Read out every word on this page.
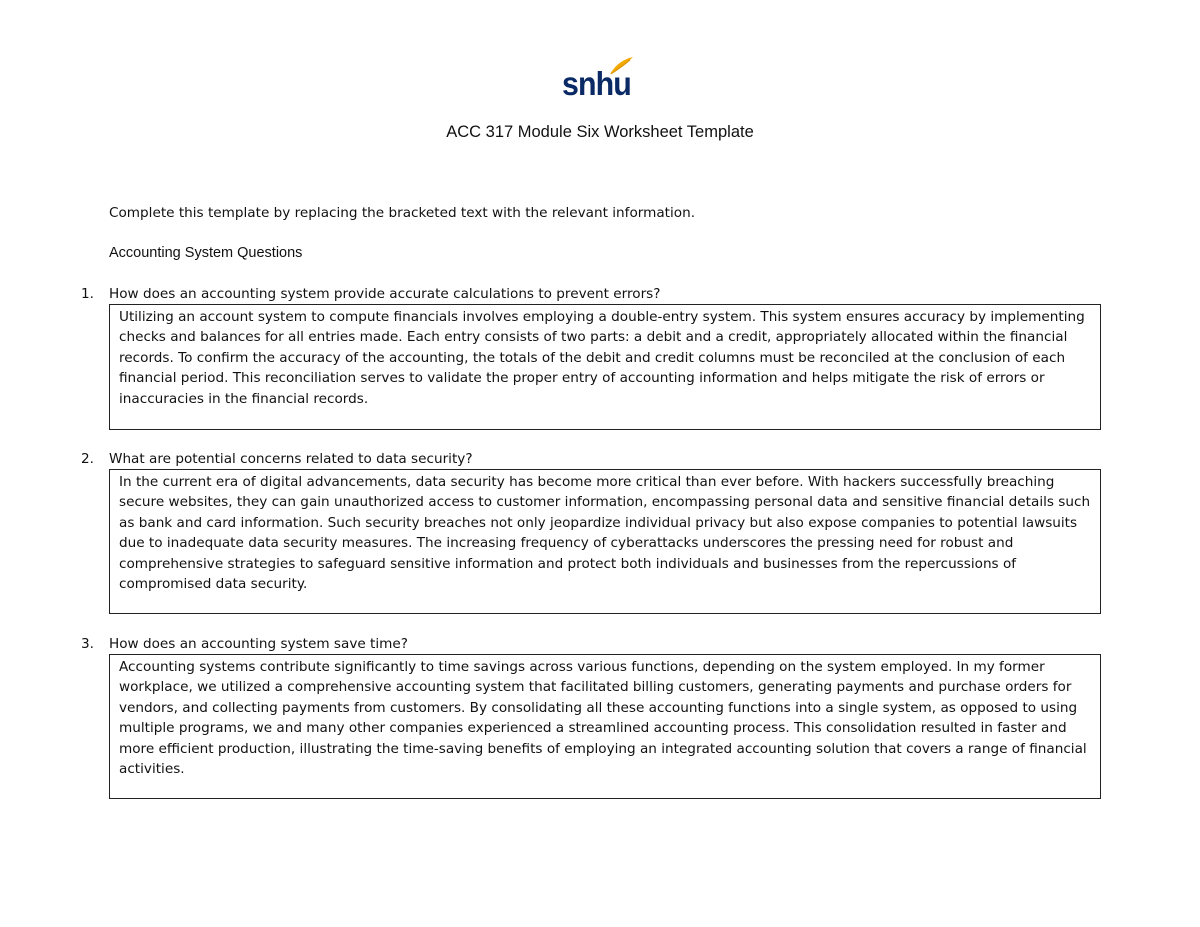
snhu
ACC 317 Module Six Worksheet Template
Complete this template by replacing the bracketed text with the relevant information.
Accounting System Questions
1.	How does an accounting system provide accurate calculations to prevent errors?
Utilizing an account system to compute financials involves employing a double-entry system. This system ensures accuracy by implementing checks and balances for all entries made. Each entry consists of two parts: a debit and a credit, appropriately allocated within the financial records. To confirm the accuracy of the accounting, the totals of the debit and credit columns must be reconciled at the conclusion of each financial period. This reconciliation serves to validate the proper entry of accounting information and helps mitigate the risk of errors or inaccuracies in the financial records.
2.	What are potential concerns related to data security?
In the current era of digital advancements, data security has become more critical than ever before. With hackers successfully breaching secure websites, they can gain unauthorized access to customer information, encompassing personal data and sensitive financial details such as bank and card information. Such security breaches not only jeopardize individual privacy but also expose companies to potential lawsuits due to inadequate data security measures. The increasing frequency of cyberattacks underscores the pressing need for robust and comprehensive strategies to safeguard sensitive information and protect both individuals and businesses from the repercussions of compromised data security.
3.	How does an accounting system save time?
Accounting systems contribute significantly to time savings across various functions, depending on the system employed. In my former workplace, we utilized a comprehensive accounting system that facilitated billing customers, generating payments and purchase orders for vendors, and collecting payments from customers. By consolidating all these accounting functions into a single system, as opposed to using multiple programs, we and many other companies experienced a streamlined accounting process. This consolidation resulted in faster and more efficient production, illustrating the time-saving benefits of employing an integrated accounting solution that covers a range of financial activities.
